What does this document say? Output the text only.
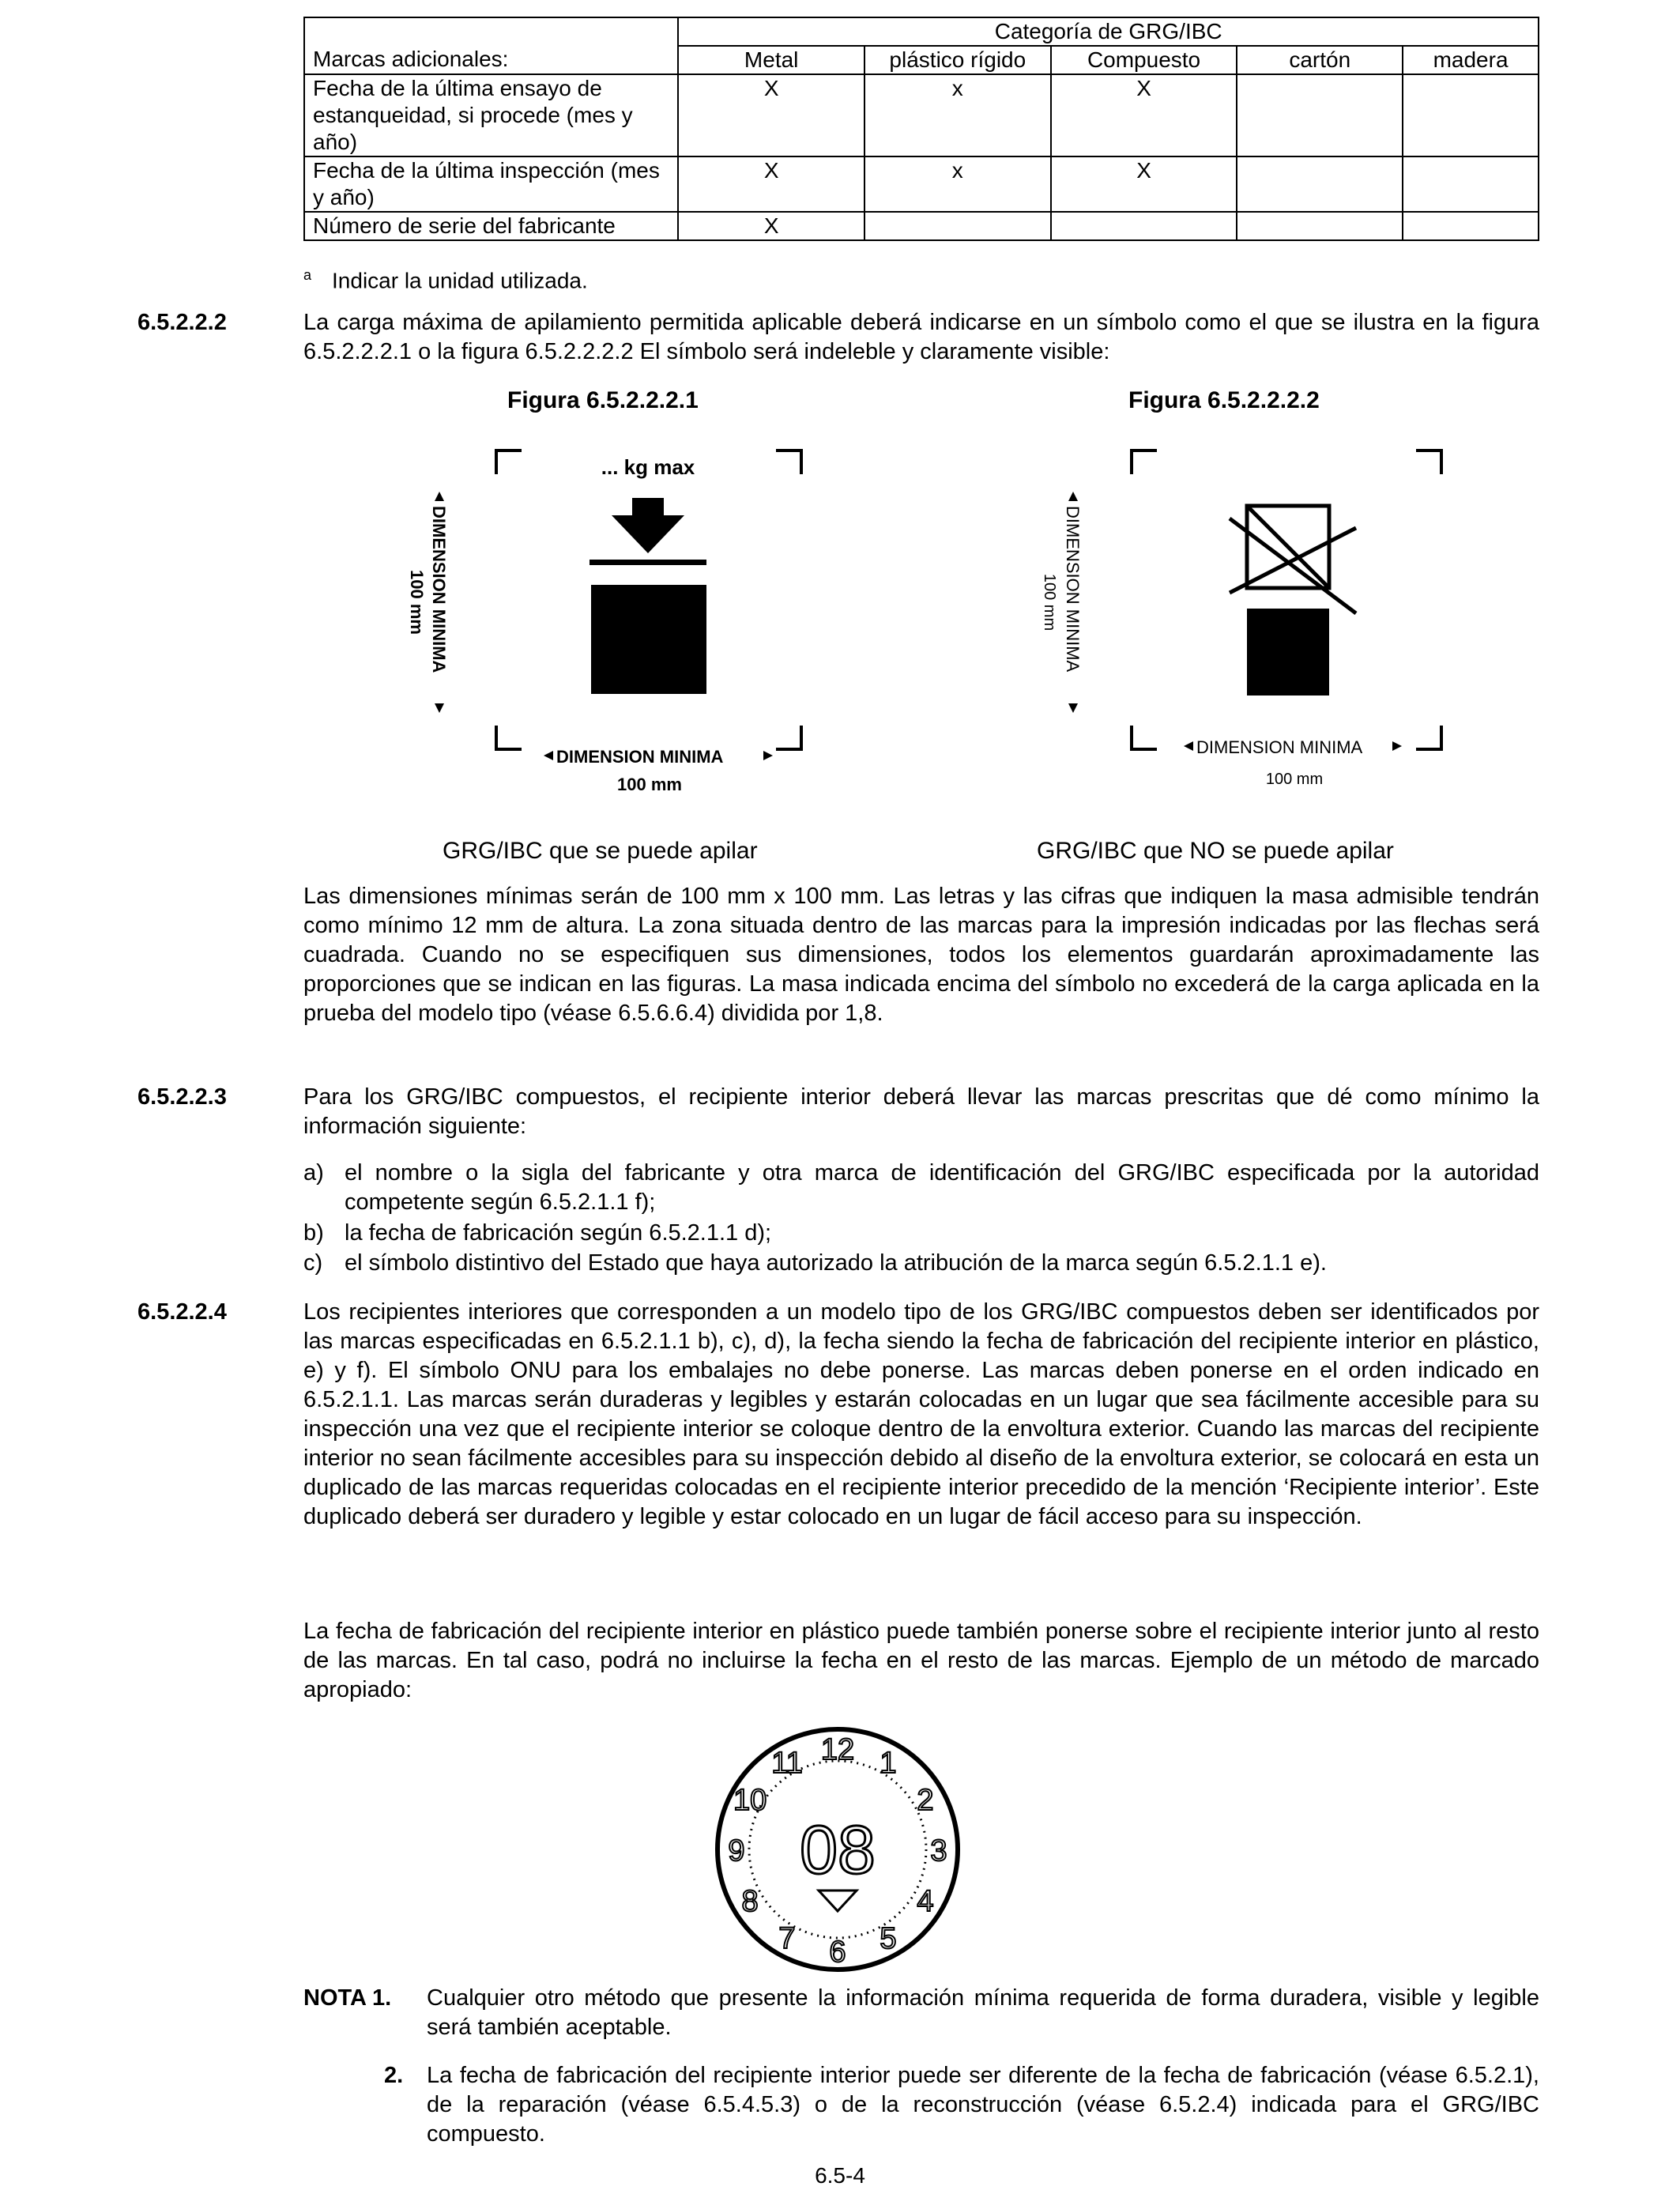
	Categoría de GRG/IBC				
Marcas adicionales:	Metal	plástico rígido	Compuesto	cartón	madera
Fecha de la última ensayo de estanqueidad, si procede (mes y año)	X	x	X		
Fecha de la última inspección (mes y año)	X	x	X		
Número de serie del fabricante	X				
$^a$ Indicar la unidad utilizada.
6.5.2.2.2	La carga máxima de apilamiento permitida aplicable deberá indicarse en un símbolo como el que se ilustra en la figura 6.5.2.2.2.1 o la figura 6.5.2.2.2.2 El símbolo será indeleble y claramente visible:
Figura 6.5.2.2.2.1	Figura 6.5.2.2.2.2
... kg max
DIMENSION MINIMA
100 mm
DIMENSION MINIMA
100 mm
DIMENSION MINIMA
100 mm
DIMENSION MINIMA
100 mm
GRG/IBC que se puede apilar	GRG/IBC que NO se puede apilar
Las dimensiones mínimas serán de 100 mm x 100 mm. Las letras y las cifras que indiquen la masa admisible tendrán como mínimo 12 mm de altura. La zona situada dentro de las marcas para la impresión indicadas por las flechas será cuadrada. Cuando no se especifiquen sus dimensiones, todos los elementos guardarán aproximadamente las proporciones que se indican en las figuras. La masa indicada encima del símbolo no excederá de la carga aplicada en la prueba del modelo tipo (véase 6.5.6.6.4) dividida por 1,8.
6.5.2.2.3	Para los GRG/IBC compuestos, el recipiente interior deberá llevar las marcas prescritas que dé como mínimo la información siguiente:
a) el nombre o la sigla del fabricante y otra marca de identificación del GRG/IBC especificada por la autoridad competente según 6.5.2.1.1 f);
b) la fecha de fabricación según 6.5.2.1.1 d);
c) el símbolo distintivo del Estado que haya autorizado la atribución de la marca según 6.5.2.1.1 e).
6.5.2.2.4	Los recipientes interiores que corresponden a un modelo tipo de los GRG/IBC compuestos deben ser identificados por las marcas especificadas en 6.5.2.1.1 b), c), d), la fecha siendo la fecha de fabricación del recipiente interior en plástico, e) y f). El símbolo ONU para los embalajes no debe ponerse. Las marcas deben ponerse en el orden indicado en 6.5.2.1.1. Las marcas serán duraderas y legibles y estarán colocadas en un lugar que sea fácilmente accesible para su inspección una vez que el recipiente interior se coloque dentro de la envoltura exterior. Cuando las marcas del recipiente interior no sean fácilmente accesibles para su inspección debido al diseño de la envoltura exterior, se colocará en esta un duplicado de las marcas requeridas colocadas en el recipiente interior precedido de la mención ‘Recipiente interior’. Este duplicado deberá ser duradero y legible y estar colocado en un lugar de fácil acceso para su inspección.
La fecha de fabricación del recipiente interior en plástico puede también ponerse sobre el recipiente interior junto al resto de las marcas. En tal caso, podrá no incluirse la fecha en el resto de las marcas. Ejemplo de un método de marcado apropiado:
12 1
2
3
4
5
6
7
8
9
10
11
08
NOTA 1. Cualquier otro método que presente la información mínima requerida de forma duradera, visible y legible será también aceptable.
2. La fecha de fabricación del recipiente interior puede ser diferente de la fecha de fabricación (véase 6.5.2.1), de la reparación (véase 6.5.4.5.3) o de la reconstrucción (véase 6.5.2.4) indicada para el GRG/IBC compuesto.
6.5-4
